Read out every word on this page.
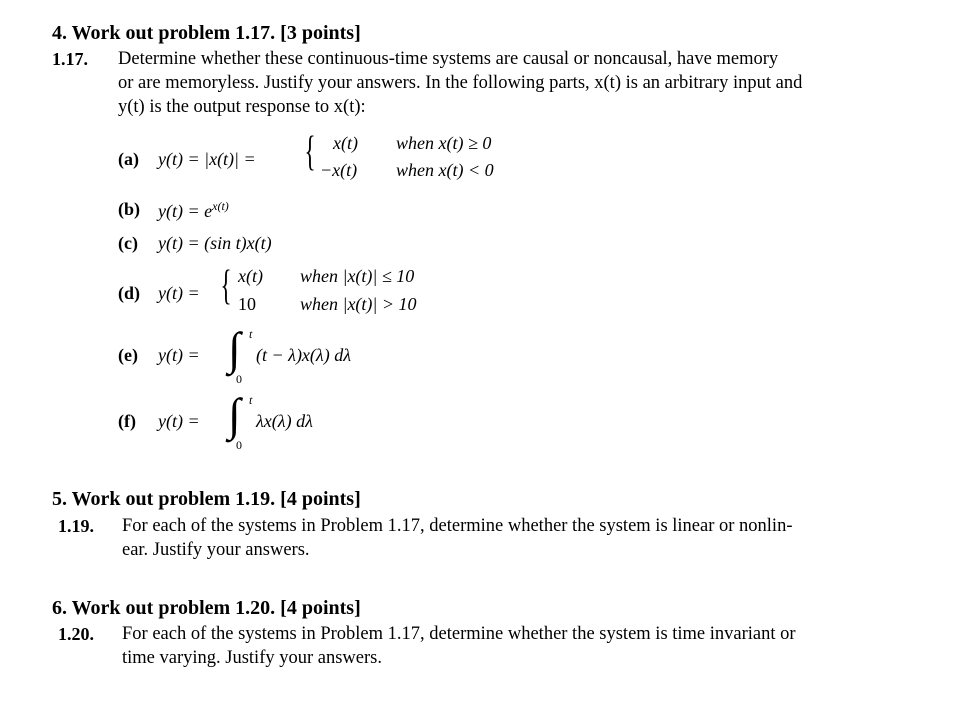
4. Work out problem 1.17. [3 points]
1.17. Determine whether these continuous-time systems are causal or noncausal, have memory
or are memoryless. Justify your answers. In the following parts, x(t) is an arbitrary input and
y(t) is the output response to x(t):
(a) y(t) = |x(t)| = { x(t) when x(t) ≥ 0
−x(t) when x(t) < 0
(b) $y(t) = e^{x(t)}$
(c) y(t) = (sin t)x(t)
(d) y(t) = { x(t) when |x(t)| ≤ 10
10 when |x(t)| > 10
(e) y(t) = ∫ t
0
(t − λ)x(λ) dλ
(f) y(t) = ∫ t
0
λx(λ) dλ
5. Work out problem 1.19. [4 points]
1.19. For each of the systems in Problem 1.17, determine whether the system is linear or nonlin-
ear. Justify your answers.
6. Work out problem 1.20. [4 points]
1.20. For each of the systems in Problem 1.17, determine whether the system is time invariant or
time varying. Justify your answers.
